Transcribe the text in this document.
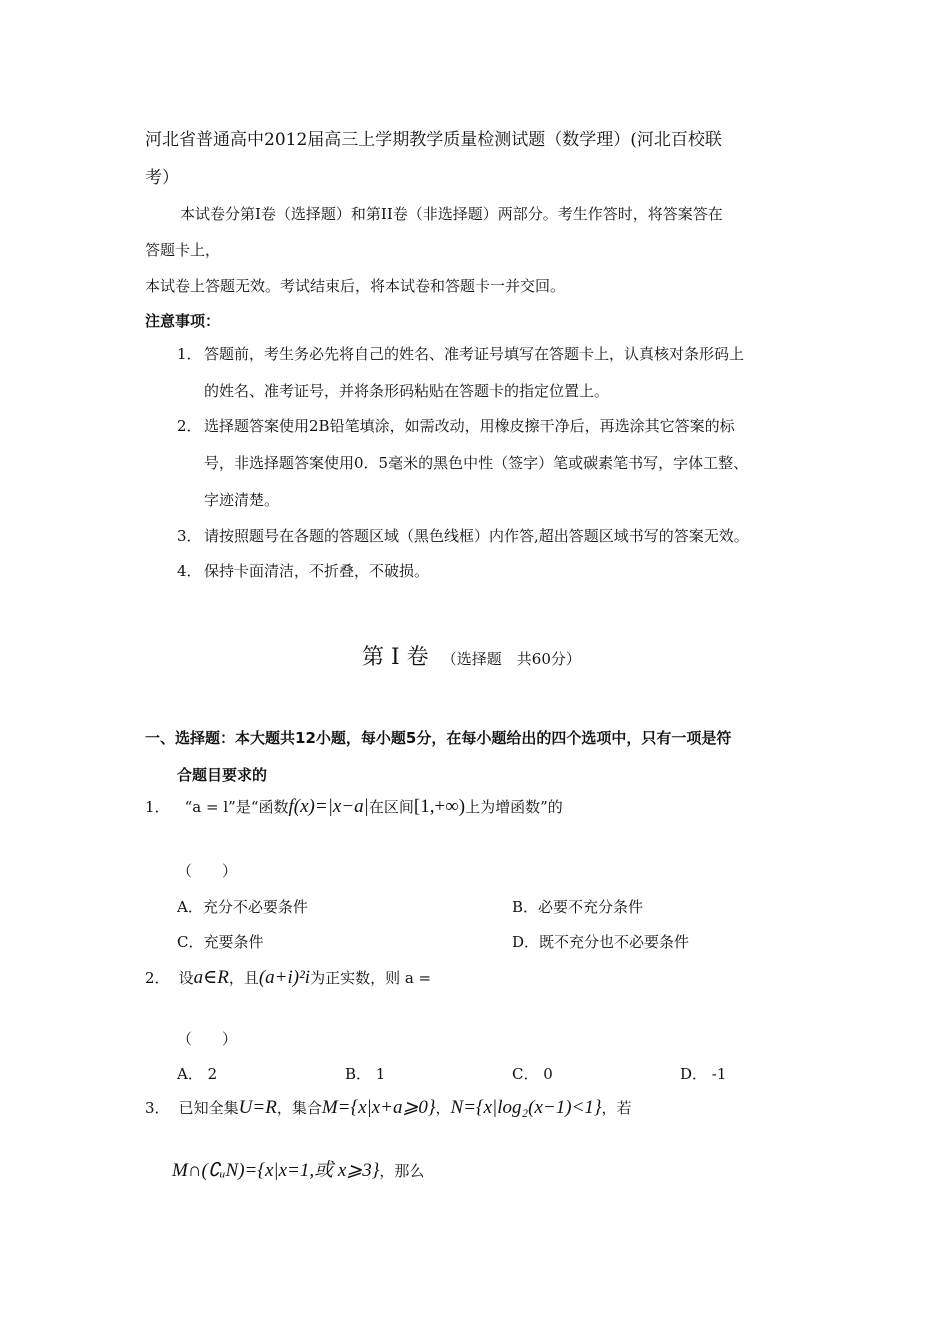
河北省普通高中2012届高三上学期教学质量检测试题（数学理）(河北百校联
考）
本试卷分第I卷（选择题）和第II卷（非选择题）两部分。考生作答时，将答案答在
答题卡上，
本试卷上答题无效。考试结束后，将本试卷和答题卡一并交回。
注意事项：
1． 答题前，考生务必先将自己的姓名、准考证号填写在答题卡上，认真核对条形码上
的姓名、准考证号，并将条形码粘贴在答题卡的指定位置上。
2． 选择题答案使用2B铅笔填涂，如需改动，用橡皮擦干净后，再选涂其它答案的标
号，非选择题答案使用0．5毫米的黑色中性（签字）笔或碳素笔书写，字体工整、
字迹清楚。
3． 请按照题号在各题的答题区域（黑色线框）内作答,超出答题区域书写的答案无效。
4． 保持卡面清洁，不折叠，不破损。
第 I 卷 （选择题　共60分）
一、选择题：本大题共12小题，每小题5分，在每小题给出的四个选项中，只有一项是符
合题目要求的
1． “a = l”是“函数f(x)=|x−a|在区间[1,+∞)上为增函数”的
（　　）
A．充分不必要条件	B．必要不充分条件
C．充要条件	D．既不充分也不必要条件
2． 设a∈R，且(a+i)²i为正实数，则 a =
（　　）
A． 2	B． 1	C． 0	D． -1
3． 已知全集U=R，集合M={x|x+a⩾0}，N={x|log₂(x−1)<1}，若
M∩(∁ᵤN)={x|x=1,或 x⩾3}，那么
